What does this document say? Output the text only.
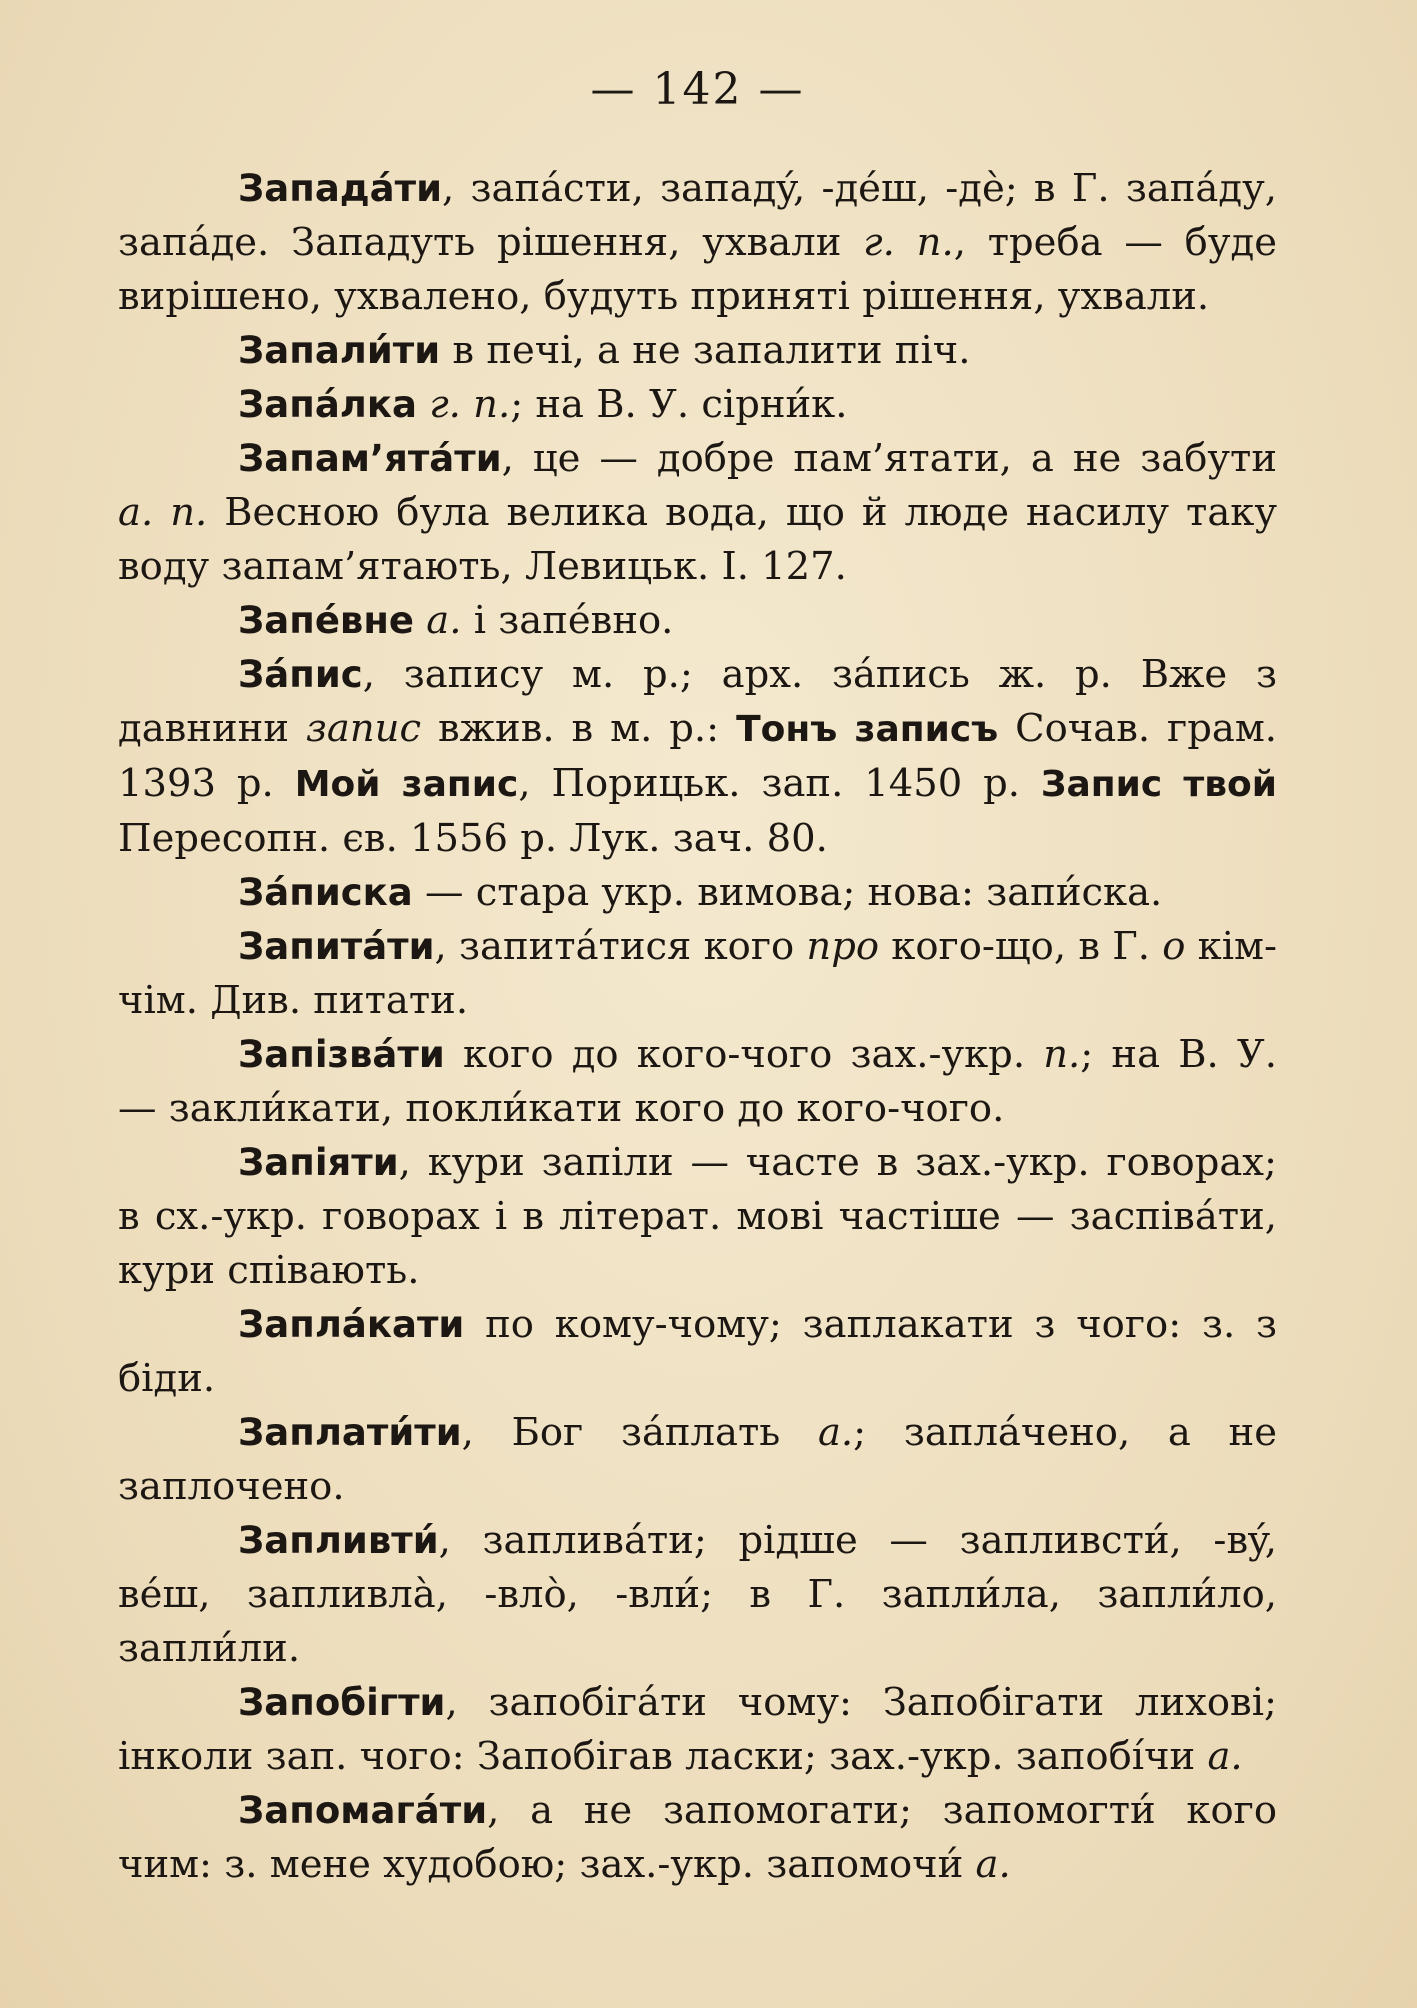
— 142 —

Западáти, запáсти, западý, -дéш, -дѐ; в Г. запáду, запáде. Западуть рішення, ухвали г. п., треба — буде вирішено, ухвалено, будуть приняті рішення, ухвали.

Запали́ти в печі, а не запалити піч.

Запáлка г. п.; на В. У. сірни́к.

Запам’ятáти, це — добре пам’ятати, а не забути а. п. Весною була велика вода, що й люде насилу таку воду запам’ятають, Левицьк. І. 127.

Запéвне а. і запéвно.

Зáпис, запису м. р.; арх. зáпись ж. р. Вже з давнини запис вжив. в м. р.: Тонъ записъ Сочав. грам. 1393 р. Мой запис, Порицьк. зап. 1450 р. Запис твой Пересопн. єв. 1556 р. Лук. зач. 80.

Зáписка — стара укр. вимова; нова: запи́ска.

Запитáти, запитáтися кого про кого-що, в Г. о кім-чім. Див. питати.

Запізвáти кого до кого-чого зах.-укр. п.; на В. У. — закли́кати, покли́кати кого до кого-чого.

Запіяти, кури запіли — часте в зах.-укр. говорах; в сх.-укр. говорах і в літерат. мові частіше — заспівáти, кури співають.

Заплáкати по кому-чому; заплакати з чого: з. з біди.

Заплати́ти, Бог зáплать а.; заплáчено, а не заплочено.

Запливти́, запливáти; рідше — запливсти́, -вý, вéш, запливлà, -влò, -вли́; в Г. запли́ла, запли́ло, запли́ли.

Запобігти, запобігáти чому: Запобігати лихові; інколи зап. чого: Запобігав ласки; зах.-укр. запобíчи а.

Запомагáти, а не запомогати; запомогти́ кого чим: з. мене худобою; зах.-укр. запомочи́ а.
